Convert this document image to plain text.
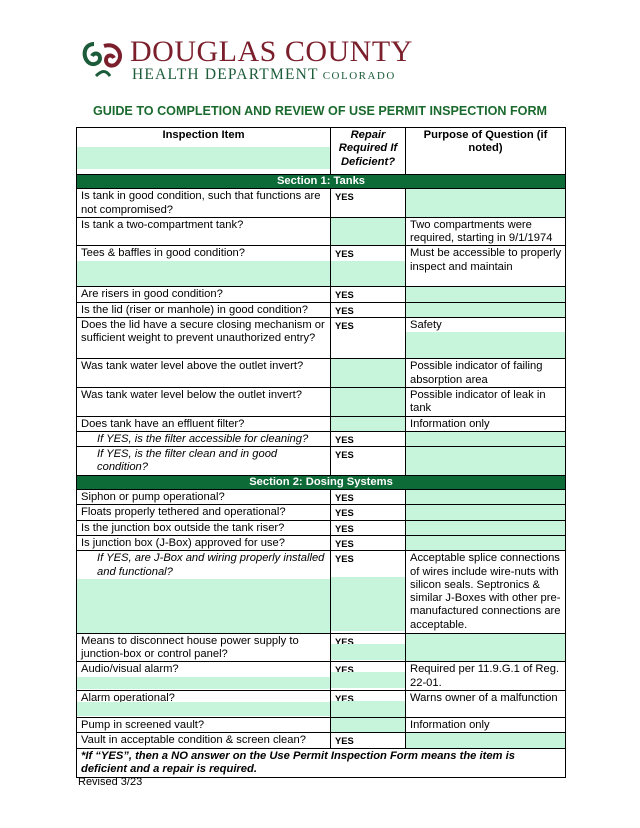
DOUGLAS COUNTY
HEALTH DEPARTMENT COLORADO
GUIDE TO COMPLETION AND REVIEW OF USE PERMIT INSPECTION FORM
Inspection Item	Repair Required If Deficient?	Purpose of Question (if noted)
Section 1: Tanks		
Is tank in good condition, such that functions are not compromised?	YES	
Is tank a two-compartment tank?		Two compartments were required, starting in 9/1/1974

Tees & baffles in good condition?	YES	Must be accessible to properly inspect and maintain
Are risers in good condition?	YES	
Is the lid (riser or manhole) in good condition?	YES	
Does the lid have a secure closing mechanism or sufficient weight to prevent unauthorized entry?	YES	Safety

Was tank water level above the outlet invert?		Possible indicator of failing absorption area
Was tank water level below the outlet invert?		Possible indicator of leak in tank
Does tank have an effluent filter?		Information only
If YES, is the filter accessible for cleaning?	YES	
If YES, is the filter clean and in good condition?	YES	
Section 2: Dosing Systems		
Siphon or pump operational?	YES	
Floats properly tethered and operational?	YES	
Is the junction box outside the tank riser?	YES	
Is junction box (J-Box) approved for use?	YES	

If YES, are J-Box and wiring properly installed and functional?	YES	Acceptable splice connections of wires include wire-nuts with silicon seals. Septronics & similar J-Boxes with other pre-manufactured connections are acceptable.
Means to disconnect house power supply to junction-box or control panel?	YES	

Audio/visual alarm?	YES	Required per 11.9.G.1 of Reg. 22-01.

Alarm operational?	YES	Warns owner of a malfunction
Pump in screened vault?		Information only
Vault in acceptable condition & screen clean?	YES	
*If “YES”, then a NO answer on the Use Permit Inspection Form means the item is deficient and a repair is required.		
Revised 3/23
